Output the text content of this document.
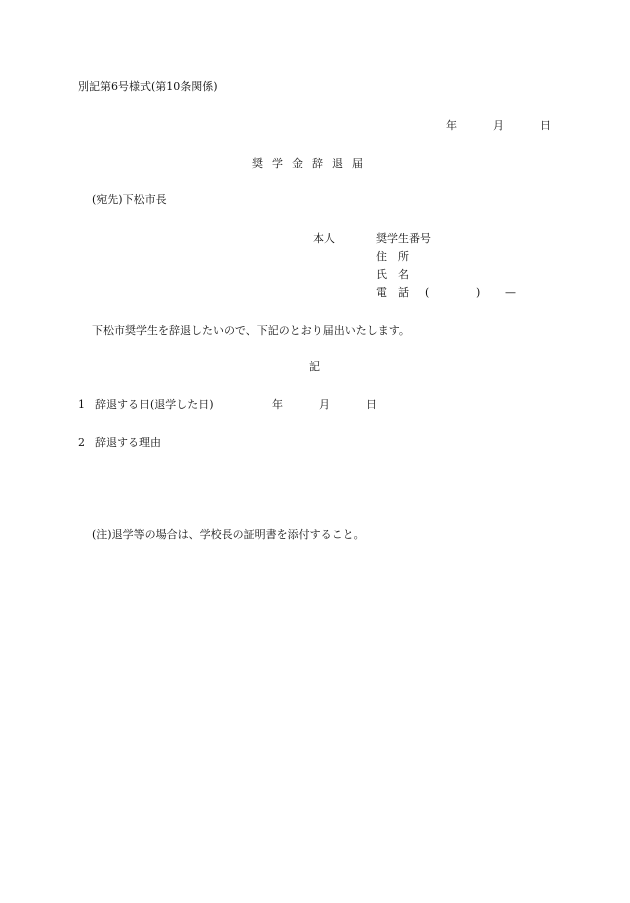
別記第6号様式(第10条関係)
年	月	日
奨学金辞退届
(宛先)下松市長
本人	奨学生番号
住　所
氏　名
電　話 (	) —
下松市奨学生を辞退したいので、下記のとおり届出いたします。
記
1 辞退する日(退学した日)	年	月	日
2 辞退する理由
(注)退学等の場合は、学校長の証明書を添付すること。
